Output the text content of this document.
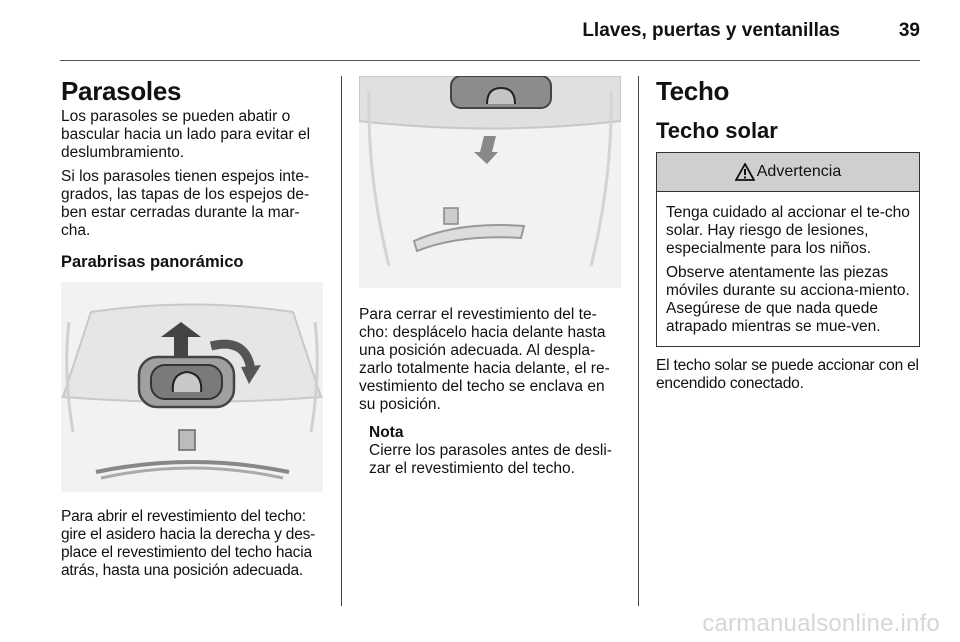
Llaves, puertas y ventanillas	39
Parasoles

Los parasoles se pueden abatir o bascular hacia un lado para evitar el deslumbramiento.

Si los parasoles tienen espejos inte-grados, las tapas de los espejos de-ben estar cerradas durante la mar-cha.

Parabrisas panorámico

Para abrir el revestimiento del techo: gire el asidero hacia la derecha y des-place el revestimiento del techo hacia atrás, hasta una posición adecuada.

Para cerrar el revestimiento del te-cho: desplácelo hacia delante hasta una posición adecuada. Al despla-zarlo totalmente hacia delante, el re-vestimiento del techo se enclava en su posición.

Nota

Cierre los parasoles antes de desli-zar el revestimiento del techo.

Techo
Techo solar
Advertencia

Tenga cuidado al accionar el te-cho solar. Hay riesgo de lesiones, especialmente para los niños.

Observe atentamente las piezas móviles durante su acciona-miento. Asegúrese de que nada quede atrapado mientras se mue-ven.

El techo solar se puede accionar con el encendido conectado.

carmanualsonline.info
